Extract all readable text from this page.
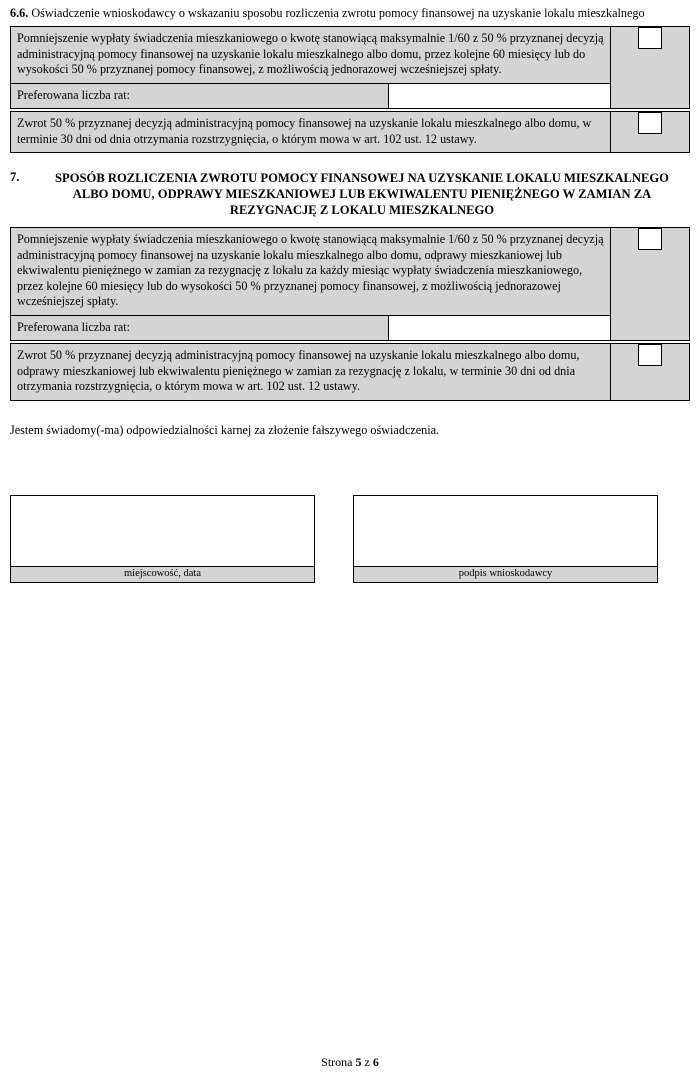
6.6. Oświadczenie wnioskodawcy o wskazaniu sposobu rozliczenia zwrotu pomocy finansowej na uzyskanie lokalu mieszkalnego

Pomniejszenie wypłaty świadczenia mieszkaniowego o kwotę stanowiącą maksymalnie 1/60 z 50 % przyznanej decyzją administracyjną pomocy finansowej na uzyskanie lokalu mieszkalnego albo domu, przez kolejne 60 miesięcy lub do wysokości 50 % przyznanej pomocy finansowej, z możliwością jednorazowej wcześniejszej spłaty.

Preferowana liczba rat:

Zwrot 50 % przyznanej decyzją administracyjną pomocy finansowej na uzyskanie lokalu mieszkalnego albo domu, w terminie 30 dni od dnia otrzymania rozstrzygnięcia, o którym mowa w art. 102 ust. 12 ustawy.

7.	SPOSÓB ROZLICZENIA ZWROTU POMOCY FINANSOWEJ NA UZYSKANIE LOKALU MIESZKALNEGO ALBO DOMU, ODPRAWY MIESZKANIOWEJ LUB EKWIWALENTU PIENIĘŻNEGO W ZAMIAN ZA REZYGNACJĘ Z LOKALU MIESZKALNEGO
Pomniejszenie wypłaty świadczenia mieszkaniowego o kwotę stanowiącą maksymalnie 1/60 z 50 % przyznanej decyzją administracyjną pomocy finansowej na uzyskanie lokalu mieszkalnego albo domu, odprawy mieszkaniowej lub ekwiwalentu pieniężnego w zamian za rezygnację z lokalu za każdy miesiąc wypłaty świadczenia mieszkaniowego, przez kolejne 60 miesięcy lub do wysokości 50 % przyznanej pomocy finansowej, z możliwością jednorazowej wcześniejszej spłaty.

Preferowana liczba rat:

Zwrot 50 % przyznanej decyzją administracyjną pomocy finansowej na uzyskanie lokalu mieszkalnego albo domu, odprawy mieszkaniowej lub ekwiwalentu pieniężnego w zamian za rezygnację z lokalu, w terminie 30 dni od dnia otrzymania rozstrzygnięcia, o którym mowa w art. 102 ust. 12 ustawy.

Jestem świadomy(-ma) odpowiedzialności karnej za złożenie fałszywego oświadczenia.

miejscowość, data	podpis wnioskodawcy
Strona 5 z 6
